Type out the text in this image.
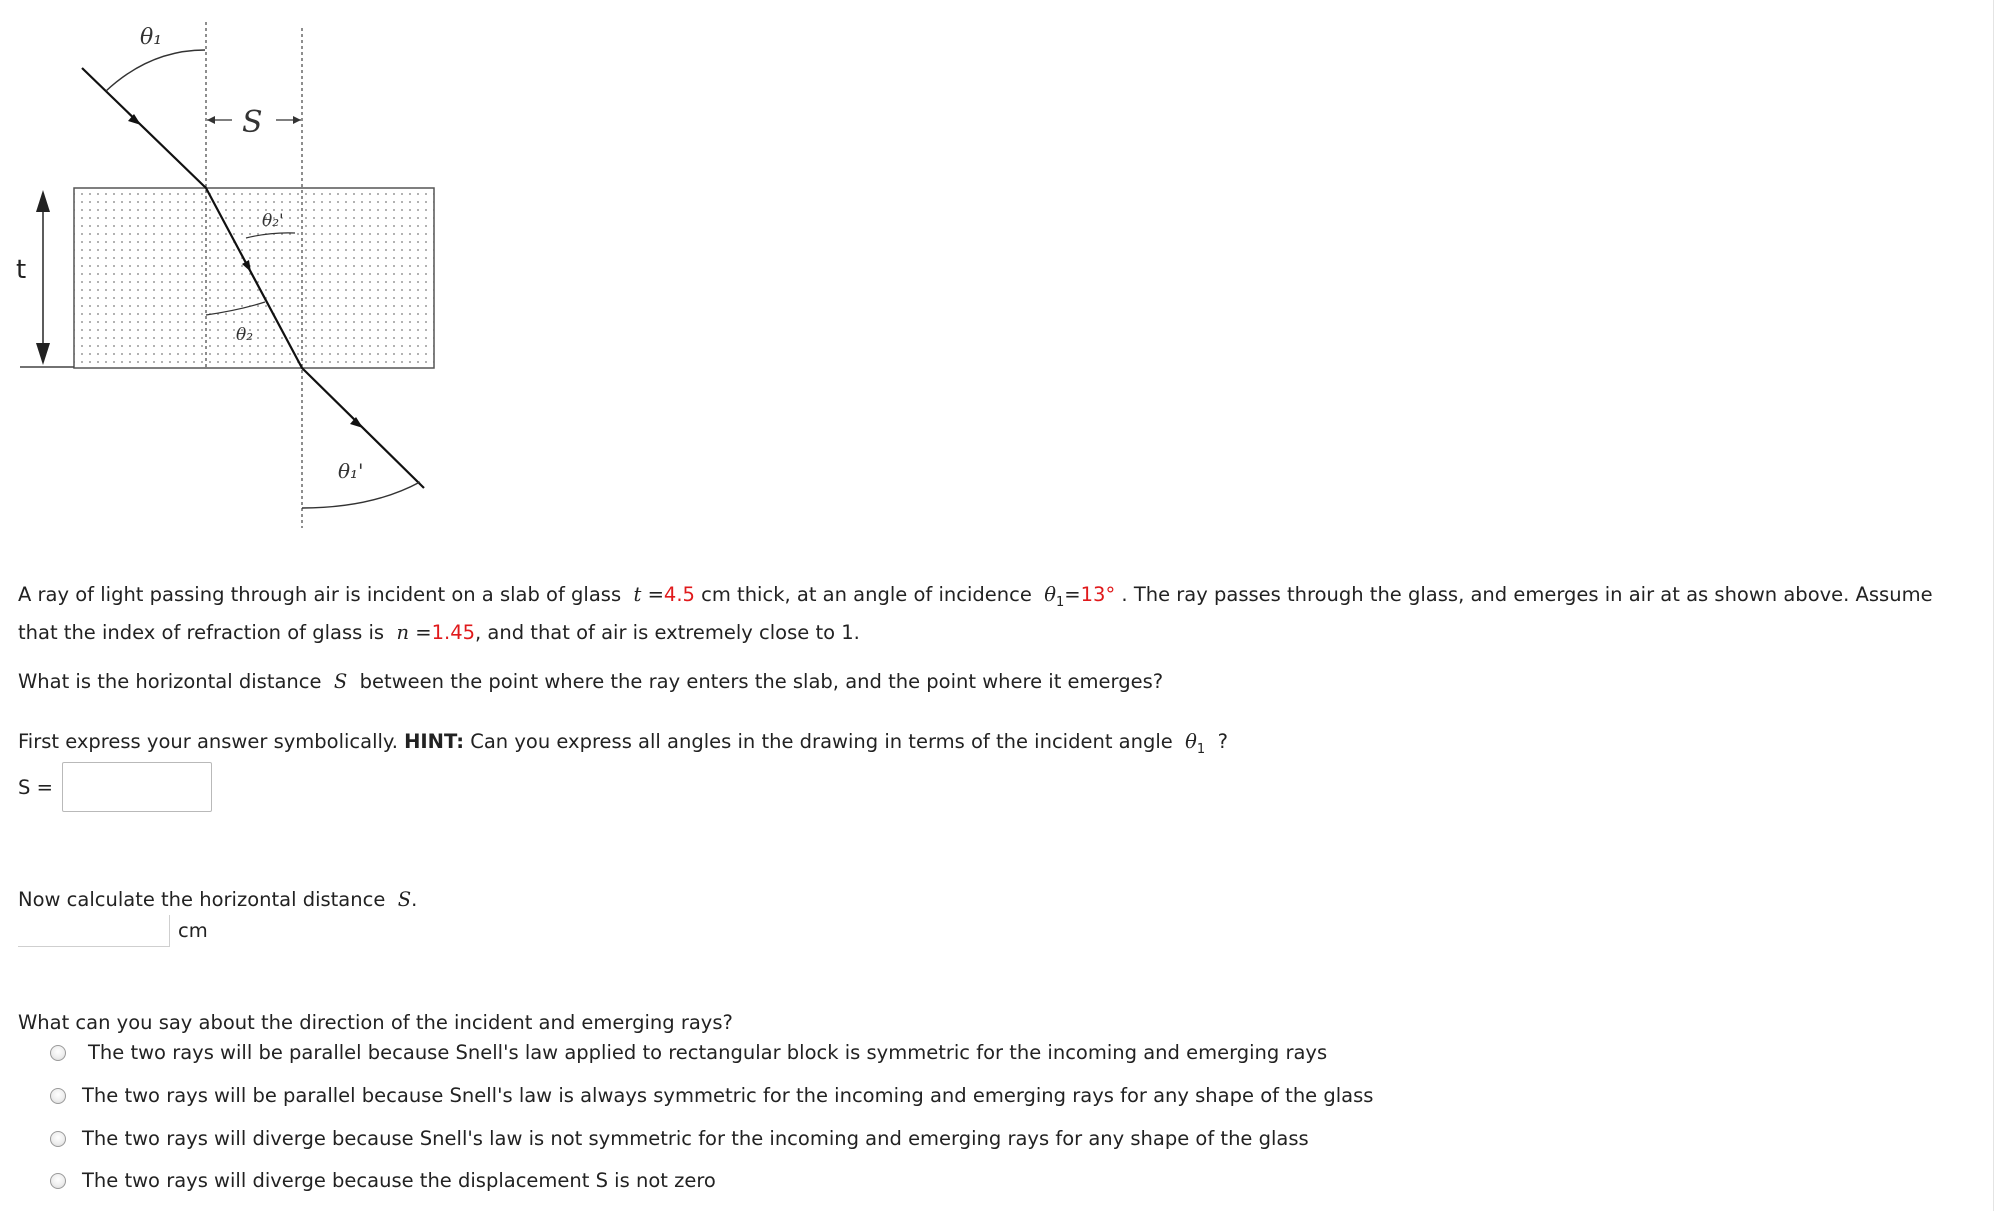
θ₁
S
θ₂'
θ₂
θ₁'
t
A ray of light passing through air is incident on a slab of glass t =4.5 cm thick, at an angle of incidence $\theta_1=13^\circ$ . The ray passes through the glass, and emerges in air at as shown above. Assume
that the index of refraction of glass is n =1.45, and that of air is extremely close to 1.
What is the horizontal distance S between the point where the ray enters the slab, and the point where it emerges?
First express your answer symbolically. HINT: Can you express all angles in the drawing in terms of the incident angle $\theta_1$ ?
S =
Now calculate the horizontal distance S.
cm
What can you say about the direction of the incident and emerging rays?
The two rays will be parallel because Snell's law applied to rectangular block is symmetric for the incoming and emerging rays
The two rays will be parallel because Snell's law is always symmetric for the incoming and emerging rays for any shape of the glass
The two rays will diverge because Snell's law is not symmetric for the incoming and emerging rays for any shape of the glass
The two rays will diverge because the displacement S is not zero
